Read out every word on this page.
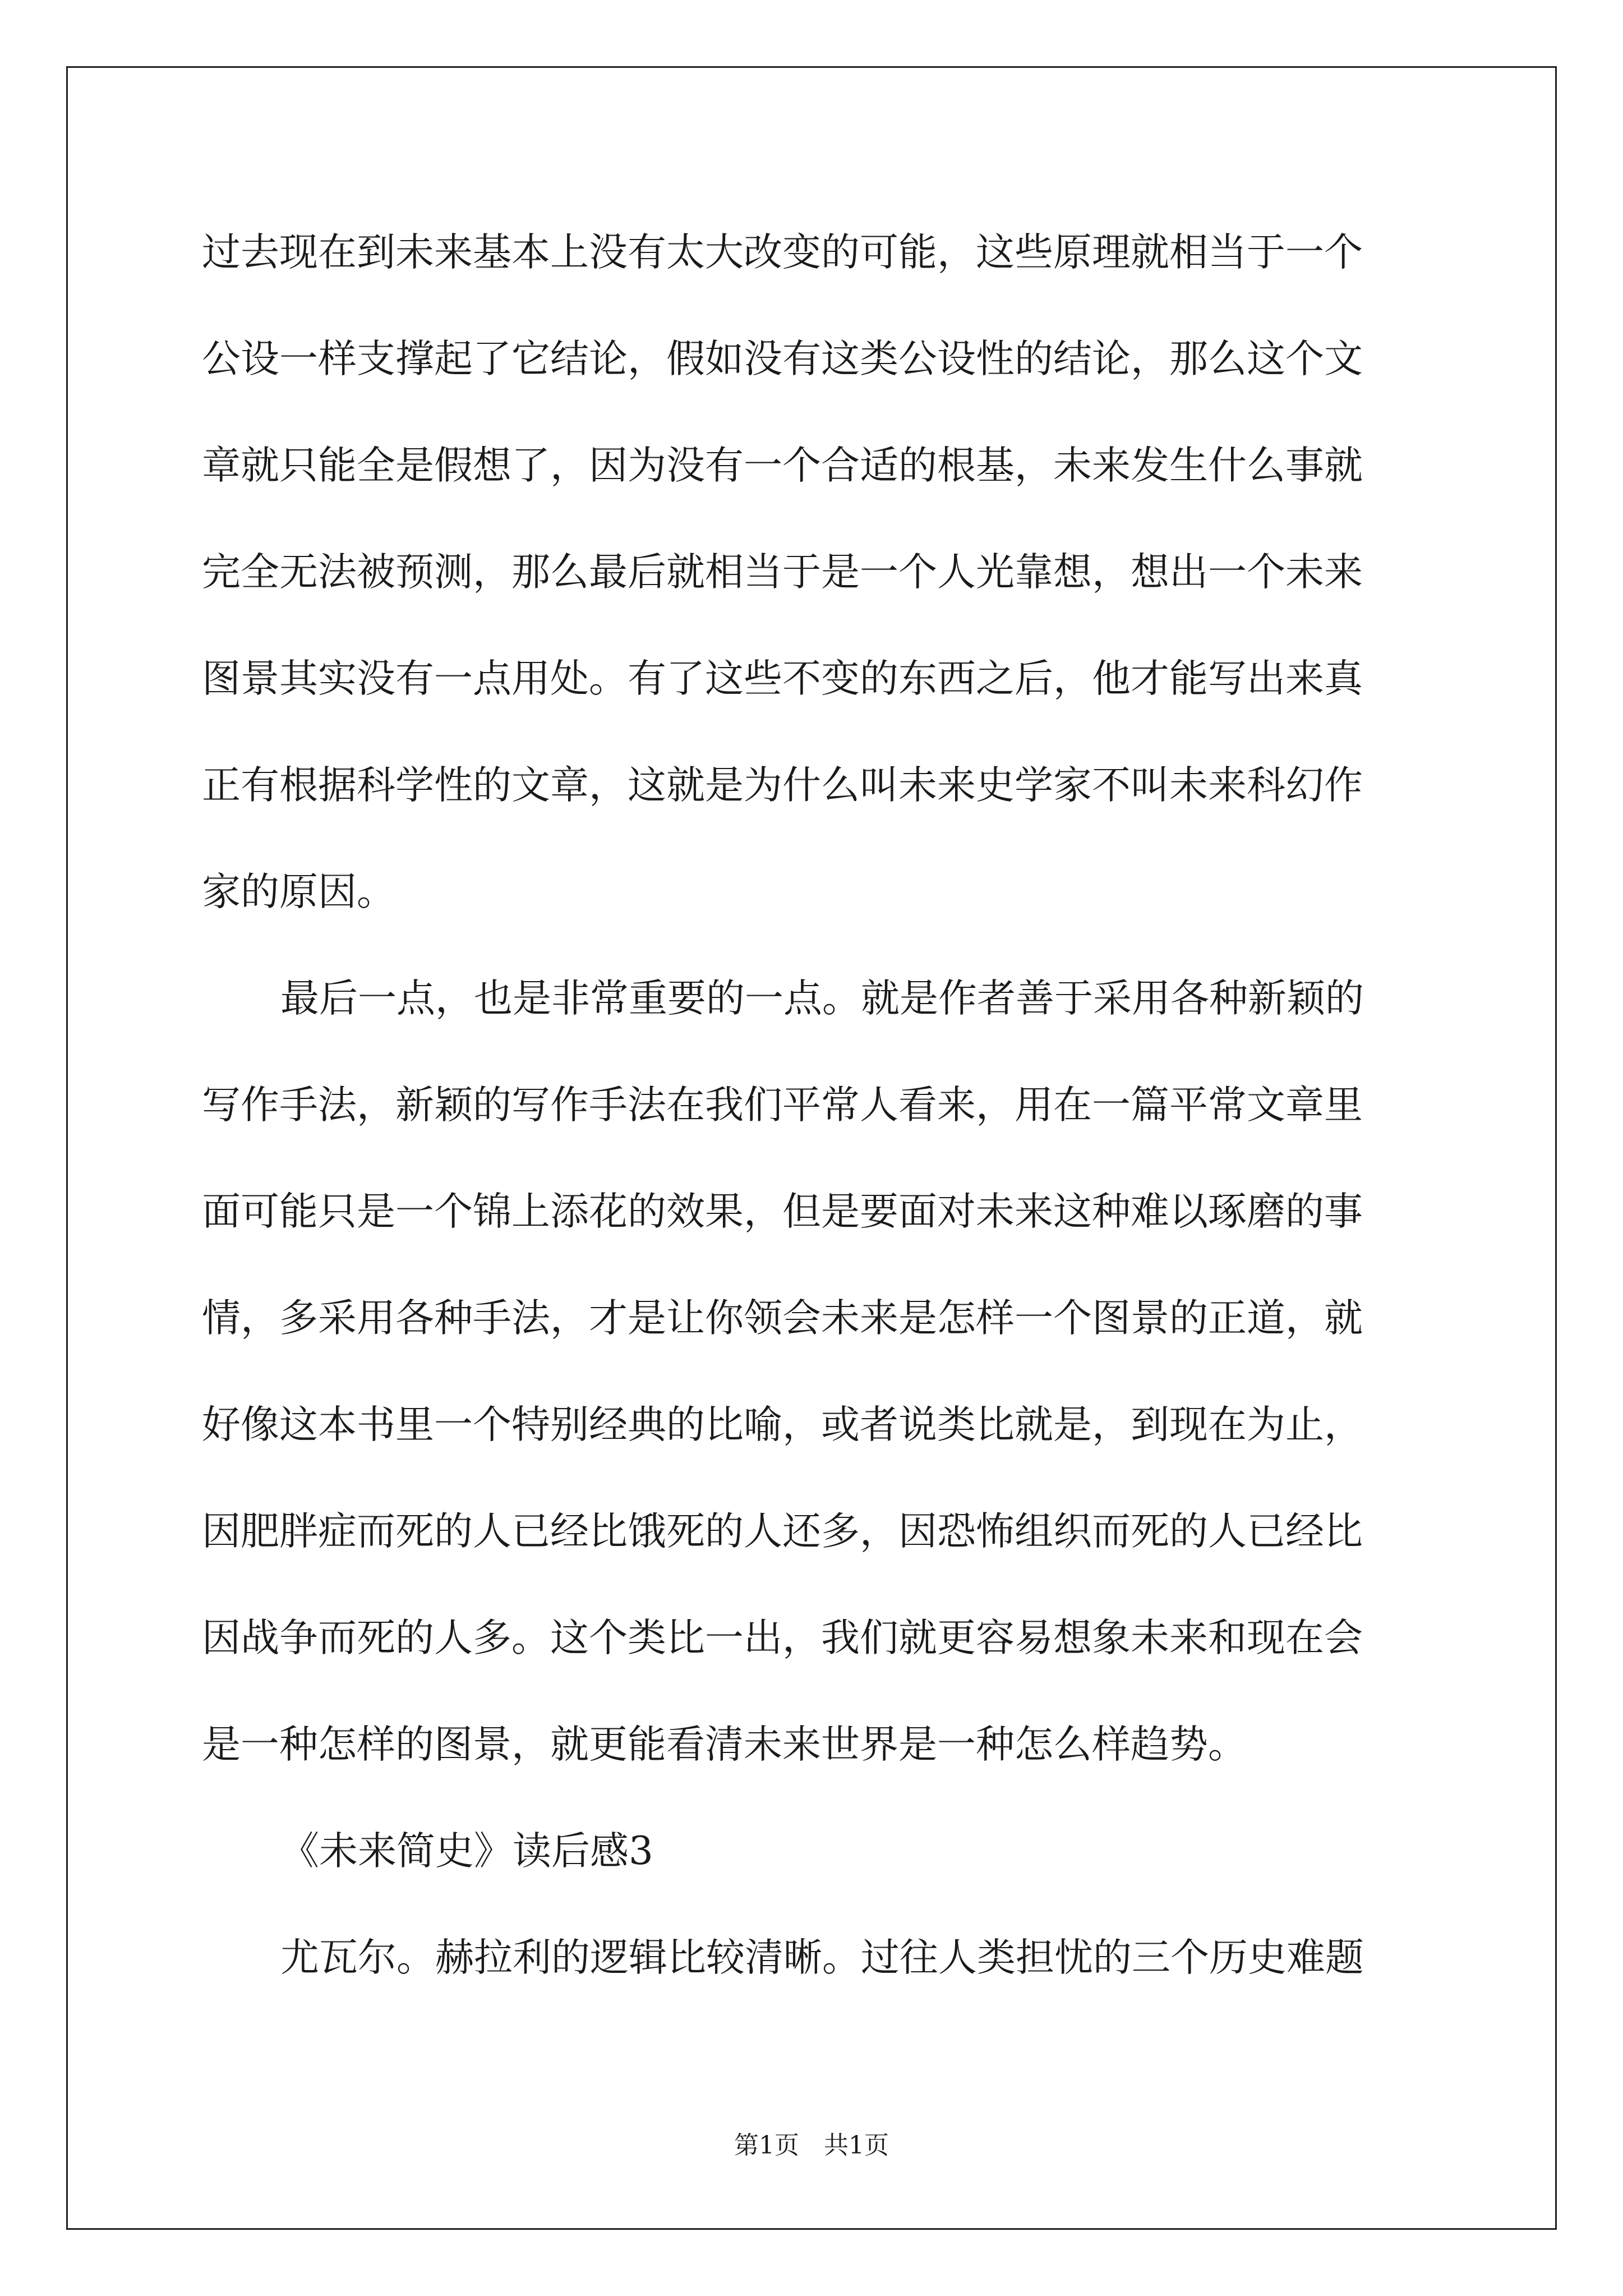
过去现在到未来基本上没有太大改变的可能，这些原理就相当于一个
公设一样支撑起了它结论，假如没有这类公设性的结论，那么这个文
章就只能全是假想了，因为没有一个合适的根基，未来发生什么事就
完全无法被预测，那么最后就相当于是一个人光靠想，想出一个未来
图景其实没有一点用处。有了这些不变的东西之后，他才能写出来真
正有根据科学性的文章，这就是为什么叫未来史学家不叫未来科幻作
家的原因。
最后一点，也是非常重要的一点。就是作者善于采用各种新颖的
写作手法，新颖的写作手法在我们平常人看来，用在一篇平常文章里
面可能只是一个锦上添花的效果，但是要面对未来这种难以琢磨的事
情，多采用各种手法，才是让你领会未来是怎样一个图景的正道，就
好像这本书里一个特别经典的比喻，或者说类比就是，到现在为止，
因肥胖症而死的人已经比饿死的人还多，因恐怖组织而死的人已经比
因战争而死的人多。这个类比一出，我们就更容易想象未来和现在会
是一种怎样的图景，就更能看清未来世界是一种怎么样趋势。
《未来简史》读后感3
尤瓦尔。赫拉利的逻辑比较清晰。过往人类担忧的三个历史难题
第1页　共1页
